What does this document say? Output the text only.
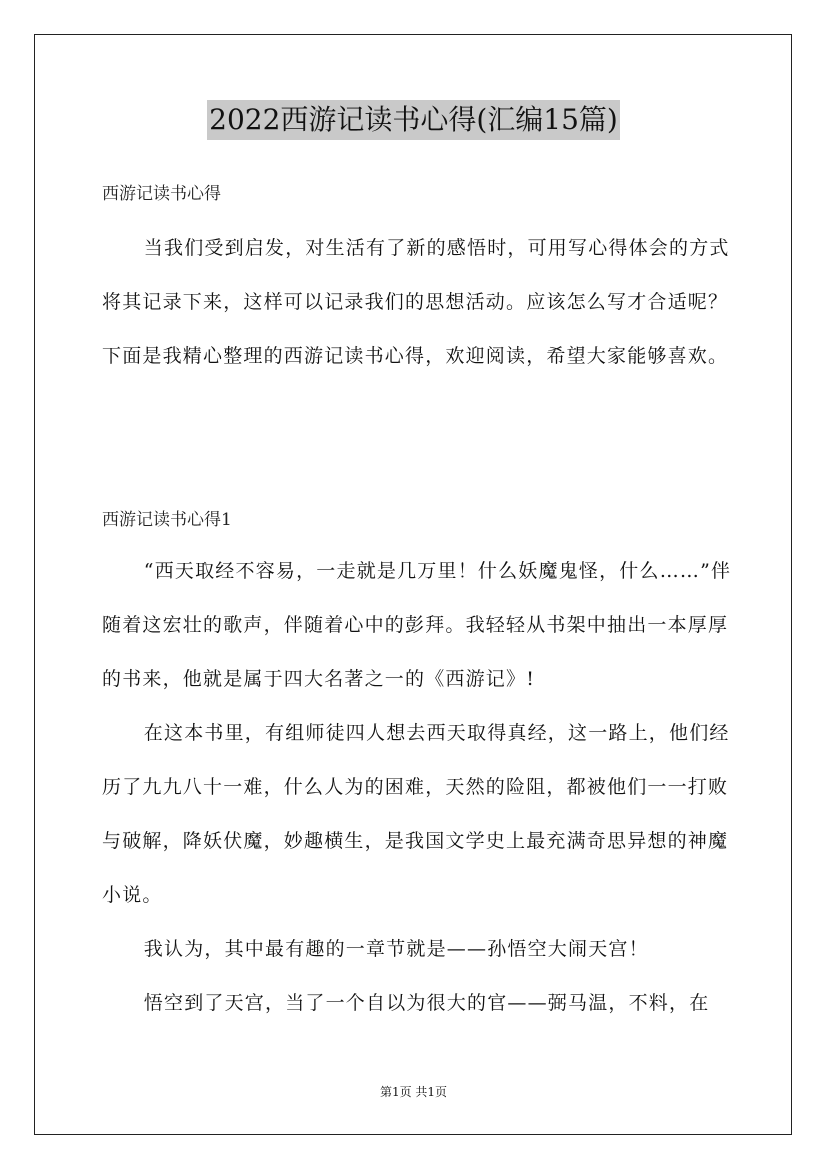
2022西游记读书心得(汇编15篇)
西游记读书心得

当我们受到启发，对生活有了新的感悟时，可用写心得体会的方式将其记录下来，这样可以记录我们的思想活动。应该怎么写才合适呢？下面是我精心整理的西游记读书心得，欢迎阅读，希望大家能够喜欢。

西游记读书心得1

“西天取经不容易，一走就是几万里！什么妖魔鬼怪，什么……”伴随着这宏壮的歌声，伴随着心中的彭拜。我轻轻从书架中抽出一本厚厚的书来，他就是属于四大名著之一的《西游记》!

在这本书里，有组师徒四人想去西天取得真经，这一路上，他们经历了九九八十一难，什么人为的困难，天然的险阻，都被他们一一打败与破解，降妖伏魔，妙趣横生，是我国文学史上最充满奇思异想的神魔小说。

我认为，其中最有趣的一章节就是——孙悟空大闹天宫！

悟空到了天宫，当了一个自以为很大的官——弼马温，不料，在

第1页 共1页
